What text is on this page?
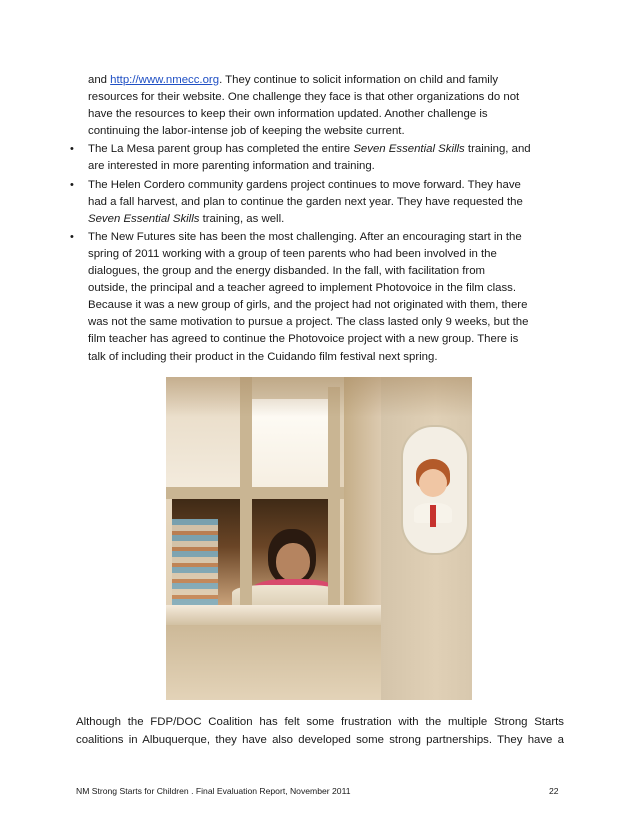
and http://www.nmecc.org. They continue to solicit information on child and family
resources for their website. One challenge they face is that other organizations do not
have the resources to keep their own information updated. Another challenge is
continuing the labor-intense job of keeping the website current.
• The La Mesa parent group has completed the entire Seven Essential Skills training, and
are interested in more parenting information and training.
• The Helen Cordero community gardens project continues to move forward. They have
had a fall harvest, and plan to continue the garden next year. They have requested the
Seven Essential Skills training, as well.
• The New Futures site has been the most challenging. After an encouraging start in the
spring of 2011 working with a group of teen parents who had been involved in the
dialogues, the group and the energy disbanded. In the fall, with facilitation from
outside, the principal and a teacher agreed to implement Photovoice in the film class.
Because it was a new group of girls, and the project had not originated with them, there
was not the same motivation to pursue a project. The class lasted only 9 weeks, but the
film teacher has agreed to continue the Photovoice project with a new group. There is
talk of including their product in the Cuidando film festival next spring.
Although the FDP/DOC Coalition has felt some frustration with the multiple Strong Starts
coalitions in Albuquerque, they have also developed some strong partnerships. They have a
NM Strong Starts for Children . Final Evaluation Report, November 2011	22
